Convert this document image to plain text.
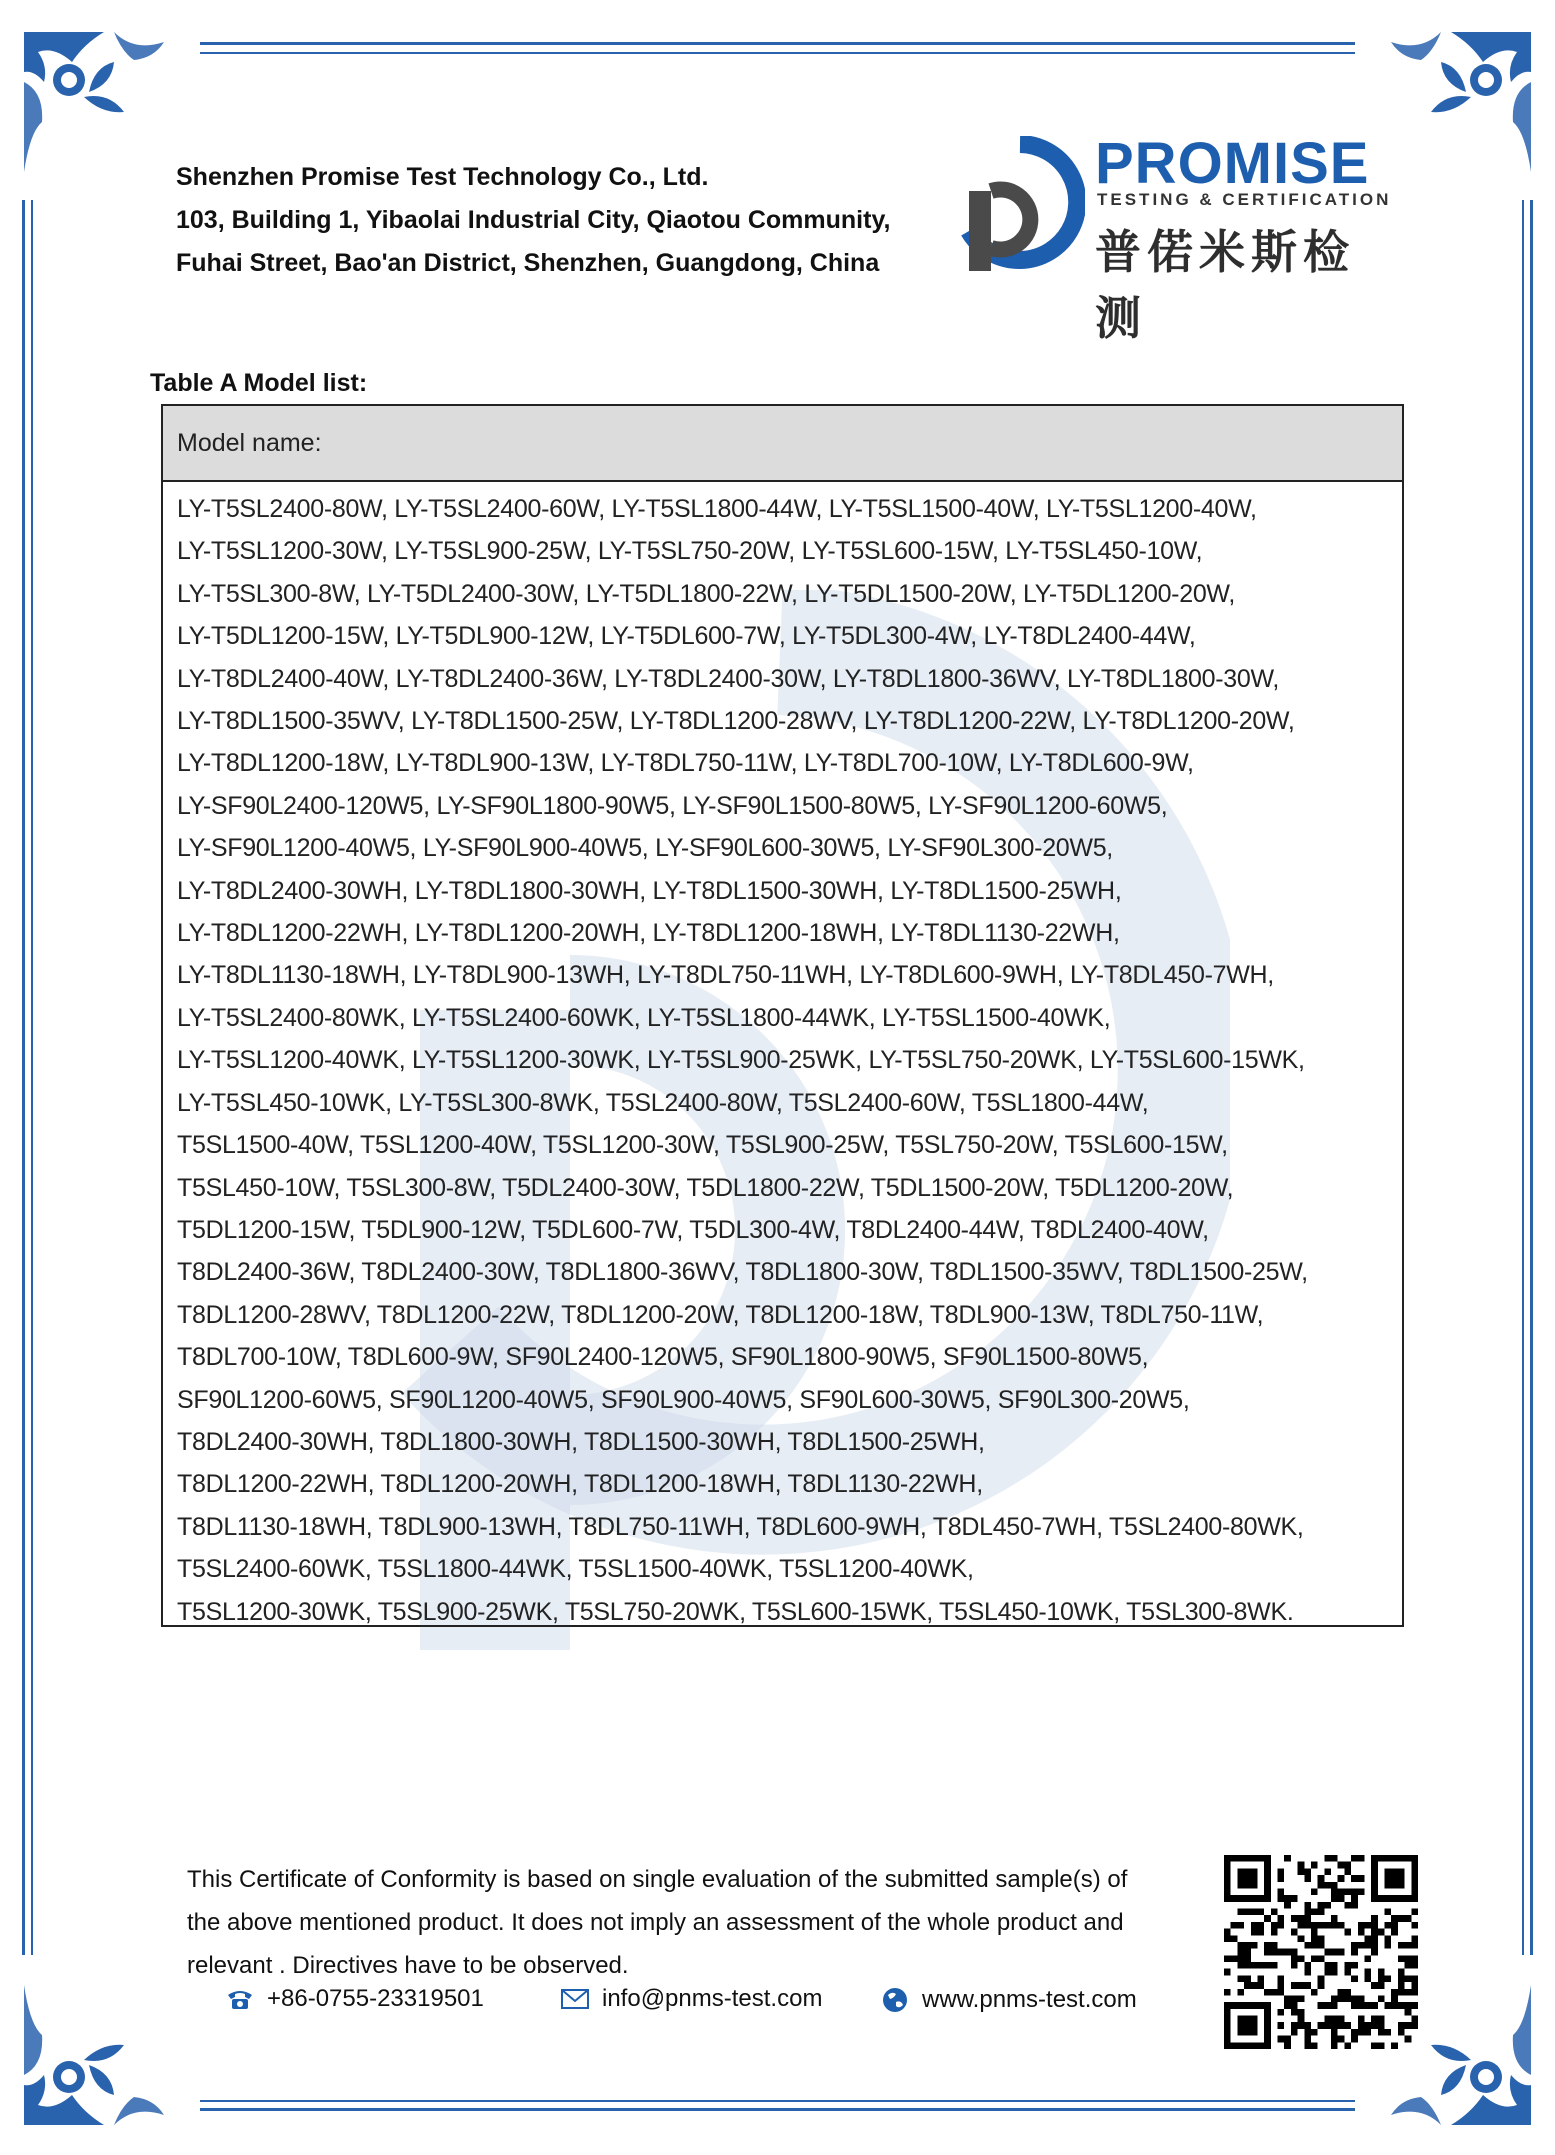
Shenzhen Promise Test Technology Co., Ltd.
103, Building 1, Yibaolai Industrial City, Qiaotou Community,
Fuhai Street, Bao'an District, Shenzhen, Guangdong, China
PROMISE
TESTING & CERTIFICATION
普偌米斯检测
Table A Model list:
Model name:
LY-T5SL2400-80W, LY-T5SL2400-60W, LY-T5SL1800-44W, LY-T5SL1500-40W, LY-T5SL1200-40W,
LY-T5SL1200-30W, LY-T5SL900-25W, LY-T5SL750-20W, LY-T5SL600-15W, LY-T5SL450-10W,
LY-T5SL300-8W, LY-T5DL2400-30W, LY-T5DL1800-22W, LY-T5DL1500-20W, LY-T5DL1200-20W,
LY-T5DL1200-15W, LY-T5DL900-12W, LY-T5DL600-7W, LY-T5DL300-4W, LY-T8DL2400-44W,
LY-T8DL2400-40W, LY-T8DL2400-36W, LY-T8DL2400-30W, LY-T8DL1800-36WV, LY-T8DL1800-30W,
LY-T8DL1500-35WV, LY-T8DL1500-25W, LY-T8DL1200-28WV, LY-T8DL1200-22W, LY-T8DL1200-20W,
LY-T8DL1200-18W, LY-T8DL900-13W, LY-T8DL750-11W, LY-T8DL700-10W, LY-T8DL600-9W,
LY-SF90L2400-120W5, LY-SF90L1800-90W5, LY-SF90L1500-80W5, LY-SF90L1200-60W5,
LY-SF90L1200-40W5, LY-SF90L900-40W5, LY-SF90L600-30W5, LY-SF90L300-20W5,
LY-T8DL2400-30WH, LY-T8DL1800-30WH, LY-T8DL1500-30WH, LY-T8DL1500-25WH,
LY-T8DL1200-22WH, LY-T8DL1200-20WH, LY-T8DL1200-18WH, LY-T8DL1130-22WH,
LY-T8DL1130-18WH, LY-T8DL900-13WH, LY-T8DL750-11WH, LY-T8DL600-9WH, LY-T8DL450-7WH,
LY-T5SL2400-80WK, LY-T5SL2400-60WK, LY-T5SL1800-44WK, LY-T5SL1500-40WK,
LY-T5SL1200-40WK, LY-T5SL1200-30WK, LY-T5SL900-25WK, LY-T5SL750-20WK, LY-T5SL600-15WK,
LY-T5SL450-10WK, LY-T5SL300-8WK, T5SL2400-80W, T5SL2400-60W, T5SL1800-44W,
T5SL1500-40W, T5SL1200-40W, T5SL1200-30W, T5SL900-25W, T5SL750-20W, T5SL600-15W,
T5SL450-10W, T5SL300-8W, T5DL2400-30W, T5DL1800-22W, T5DL1500-20W, T5DL1200-20W,
T5DL1200-15W, T5DL900-12W, T5DL600-7W, T5DL300-4W, T8DL2400-44W, T8DL2400-40W,
T8DL2400-36W, T8DL2400-30W, T8DL1800-36WV, T8DL1800-30W, T8DL1500-35WV, T8DL1500-25W,
T8DL1200-28WV, T8DL1200-22W, T8DL1200-20W, T8DL1200-18W, T8DL900-13W, T8DL750-11W,
T8DL700-10W, T8DL600-9W, SF90L2400-120W5, SF90L1800-90W5, SF90L1500-80W5,
SF90L1200-60W5, SF90L1200-40W5, SF90L900-40W5, SF90L600-30W5, SF90L300-20W5,
T8DL2400-30WH, T8DL1800-30WH, T8DL1500-30WH, T8DL1500-25WH,
T8DL1200-22WH, T8DL1200-20WH, T8DL1200-18WH, T8DL1130-22WH,
T8DL1130-18WH, T8DL900-13WH, T8DL750-11WH, T8DL600-9WH, T8DL450-7WH, T5SL2400-80WK,
T5SL2400-60WK, T5SL1800-44WK, T5SL1500-40WK, T5SL1200-40WK,
T5SL1200-30WK, T5SL900-25WK, T5SL750-20WK, T5SL600-15WK, T5SL450-10WK, T5SL300-8WK.
This Certificate of Conformity is based on single evaluation of the submitted sample(s) of
the above mentioned product. It does not imply an assessment of the whole product and
relevant . Directives have to be observed.
+86-0755-23319501	info@pnms-test.com	www.pnms-test.com
